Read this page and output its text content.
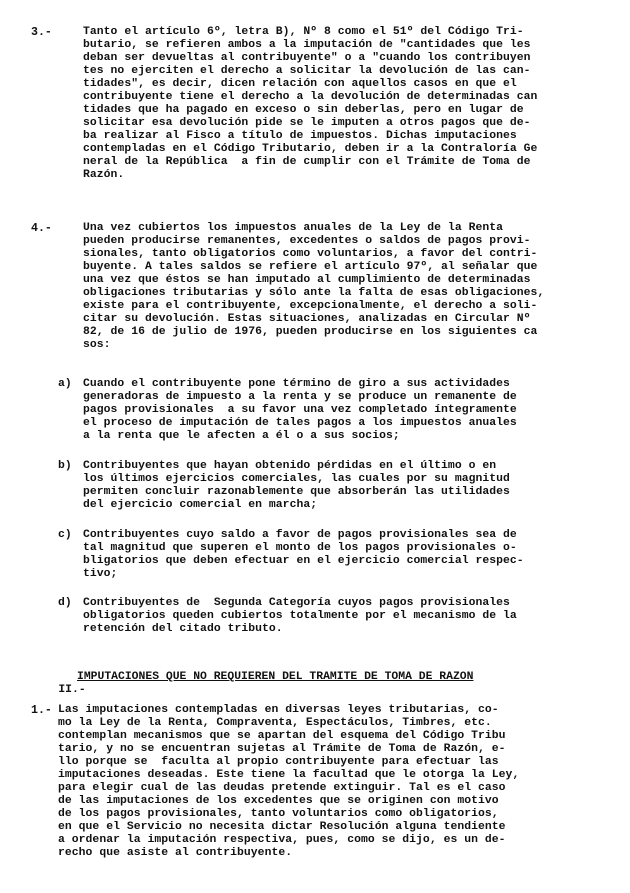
3.-	Tanto el artículo 6º, letra B), Nº 8 como el 51º del Código Tri-
butario, se refieren ambos a la imputación de "cantidades que les
deban ser devueltas al contribuyente" o a "cuando los contribuyen
tes no ejerciten el derecho a solicitar la devolución de las can-
tidades", es decir, dicen relación con aquellos casos en que el
contribuyente tiene el derecho a la devolución de determinadas can
tidades que ha pagado en exceso o sin deberlas, pero en lugar de
solicitar esa devolución pide se le imputen a otros pagos que de-
ba realizar al Fisco a título de impuestos. Dichas imputaciones
contempladas en el Código Tributario, deben ir a la Contraloría Ge
neral de la República  a fin de cumplir con el Trámite de Toma de
Razón.
4.-	Una vez cubiertos los impuestos anuales de la Ley de la Renta
pueden producirse remanentes, excedentes o saldos de pagos provi-
sionales, tanto obligatorios como voluntarios, a favor del contri-
buyente. A tales saldos se refiere el artículo 97º, al señalar que
una vez que éstos se han imputado al cumplimiento de determinadas
obligaciones tributarias y sólo ante la falta de esas obligaciones,
existe para el contribuyente, excepcionalmente, el derecho a soli-
citar su devolución. Estas situaciones, analizadas en Circular Nº
82, de 16 de julio de 1976, pueden producirse en los siguientes ca
sos:
a) Cuando el contribuyente pone término de giro a sus actividades
generadoras de impuesto a la renta y se produce un remanente de
pagos provisionales  a su favor una vez completado íntegramente
el proceso de imputación de tales pagos a los impuestos anuales
a la renta que le afecten a él o a sus socios;
b) Contribuyentes que hayan obtenido pérdidas en el último o en
los últimos ejercicios comerciales, las cuales por su magnitud
permiten concluir razonablemente que absorberán las utilidades
del ejercicio comercial en marcha;
c) Contribuyentes cuyo saldo a favor de pagos provisionales sea de
tal magnitud que superen el monto de los pagos provisionales o-
bligatorios que deben efectuar en el ejercicio comercial respec-
tivo;
d) Contribuyentes de  Segunda Categoría cuyos pagos provisionales
obligatorios queden cubiertos totalmente por el mecanismo de la
retención del citado tributo.

II.-

IMPUTACIONES QUE NO REQUIEREN DEL TRAMITE DE TOMA DE RAZON

1.- Las imputaciones contempladas en diversas leyes tributarias, co-
mo la Ley de la Renta, Compraventa, Espectáculos, Timbres, etc.
contemplan mecanismos que se apartan del esquema del Código Tribu
tario, y no se encuentran sujetas al Trámite de Toma de Razón, e-
llo porque se  faculta al propio contribuyente para efectuar las
imputaciones deseadas. Este tiene la facultad que le otorga la Ley,
para elegir cual de las deudas pretende extinguir. Tal es el caso
de las imputaciones de los excedentes que se originen con motivo
de los pagos provisionales, tanto voluntarios como obligatorios,
en que el Servicio no necesita dictar Resolución alguna tendiente
a ordenar la imputación respectiva, pues, como se dijo, es un de-
recho que asiste al contribuyente.
